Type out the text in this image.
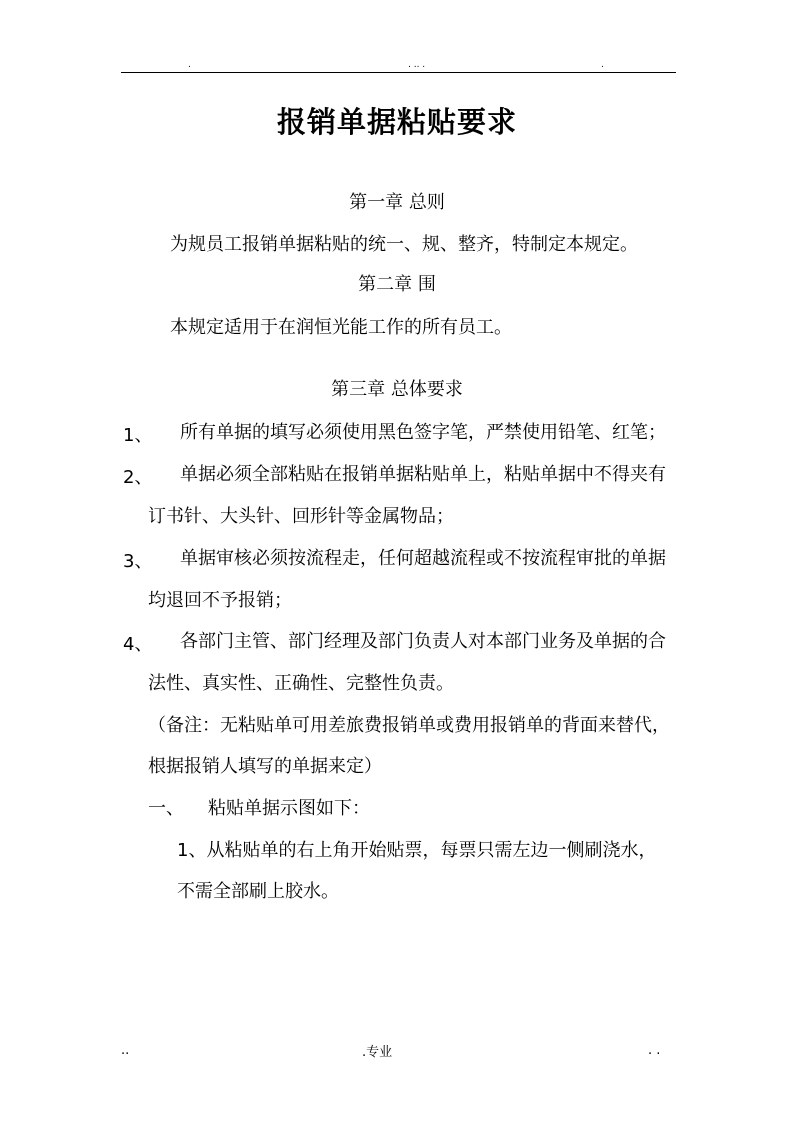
.	. .. .	.
报销单据粘贴要求
第一章 总则
为规员工报销单据粘贴的统一、规、整齐，特制定本规定。
第二章 围
本规定适用于在润恒光能工作的所有员工。
第三章 总体要求
1、 所有单据的填写必须使用黑色签字笔，严禁使用铅笔、红笔；
2、 单据必须全部粘贴在报销单据粘贴单上，粘贴单据中不得夹有
订书针、大头针、回形针等金属物品；
3、 单据审核必须按流程走，任何超越流程或不按流程审批的单据
均退回不予报销；
4、 各部门主管、部门经理及部门负责人对本部门业务及单据的合
法性、真实性、正确性、完整性负责。
（备注：无粘贴单可用差旅费报销单或费用报销单的背面来替代，
根据报销人填写的单据来定）
一、 粘贴单据示图如下：
1、从粘贴单的右上角开始贴票，每票只需左边一侧刷浇水，
不需全部刷上胶水。
..	.专业	. .
